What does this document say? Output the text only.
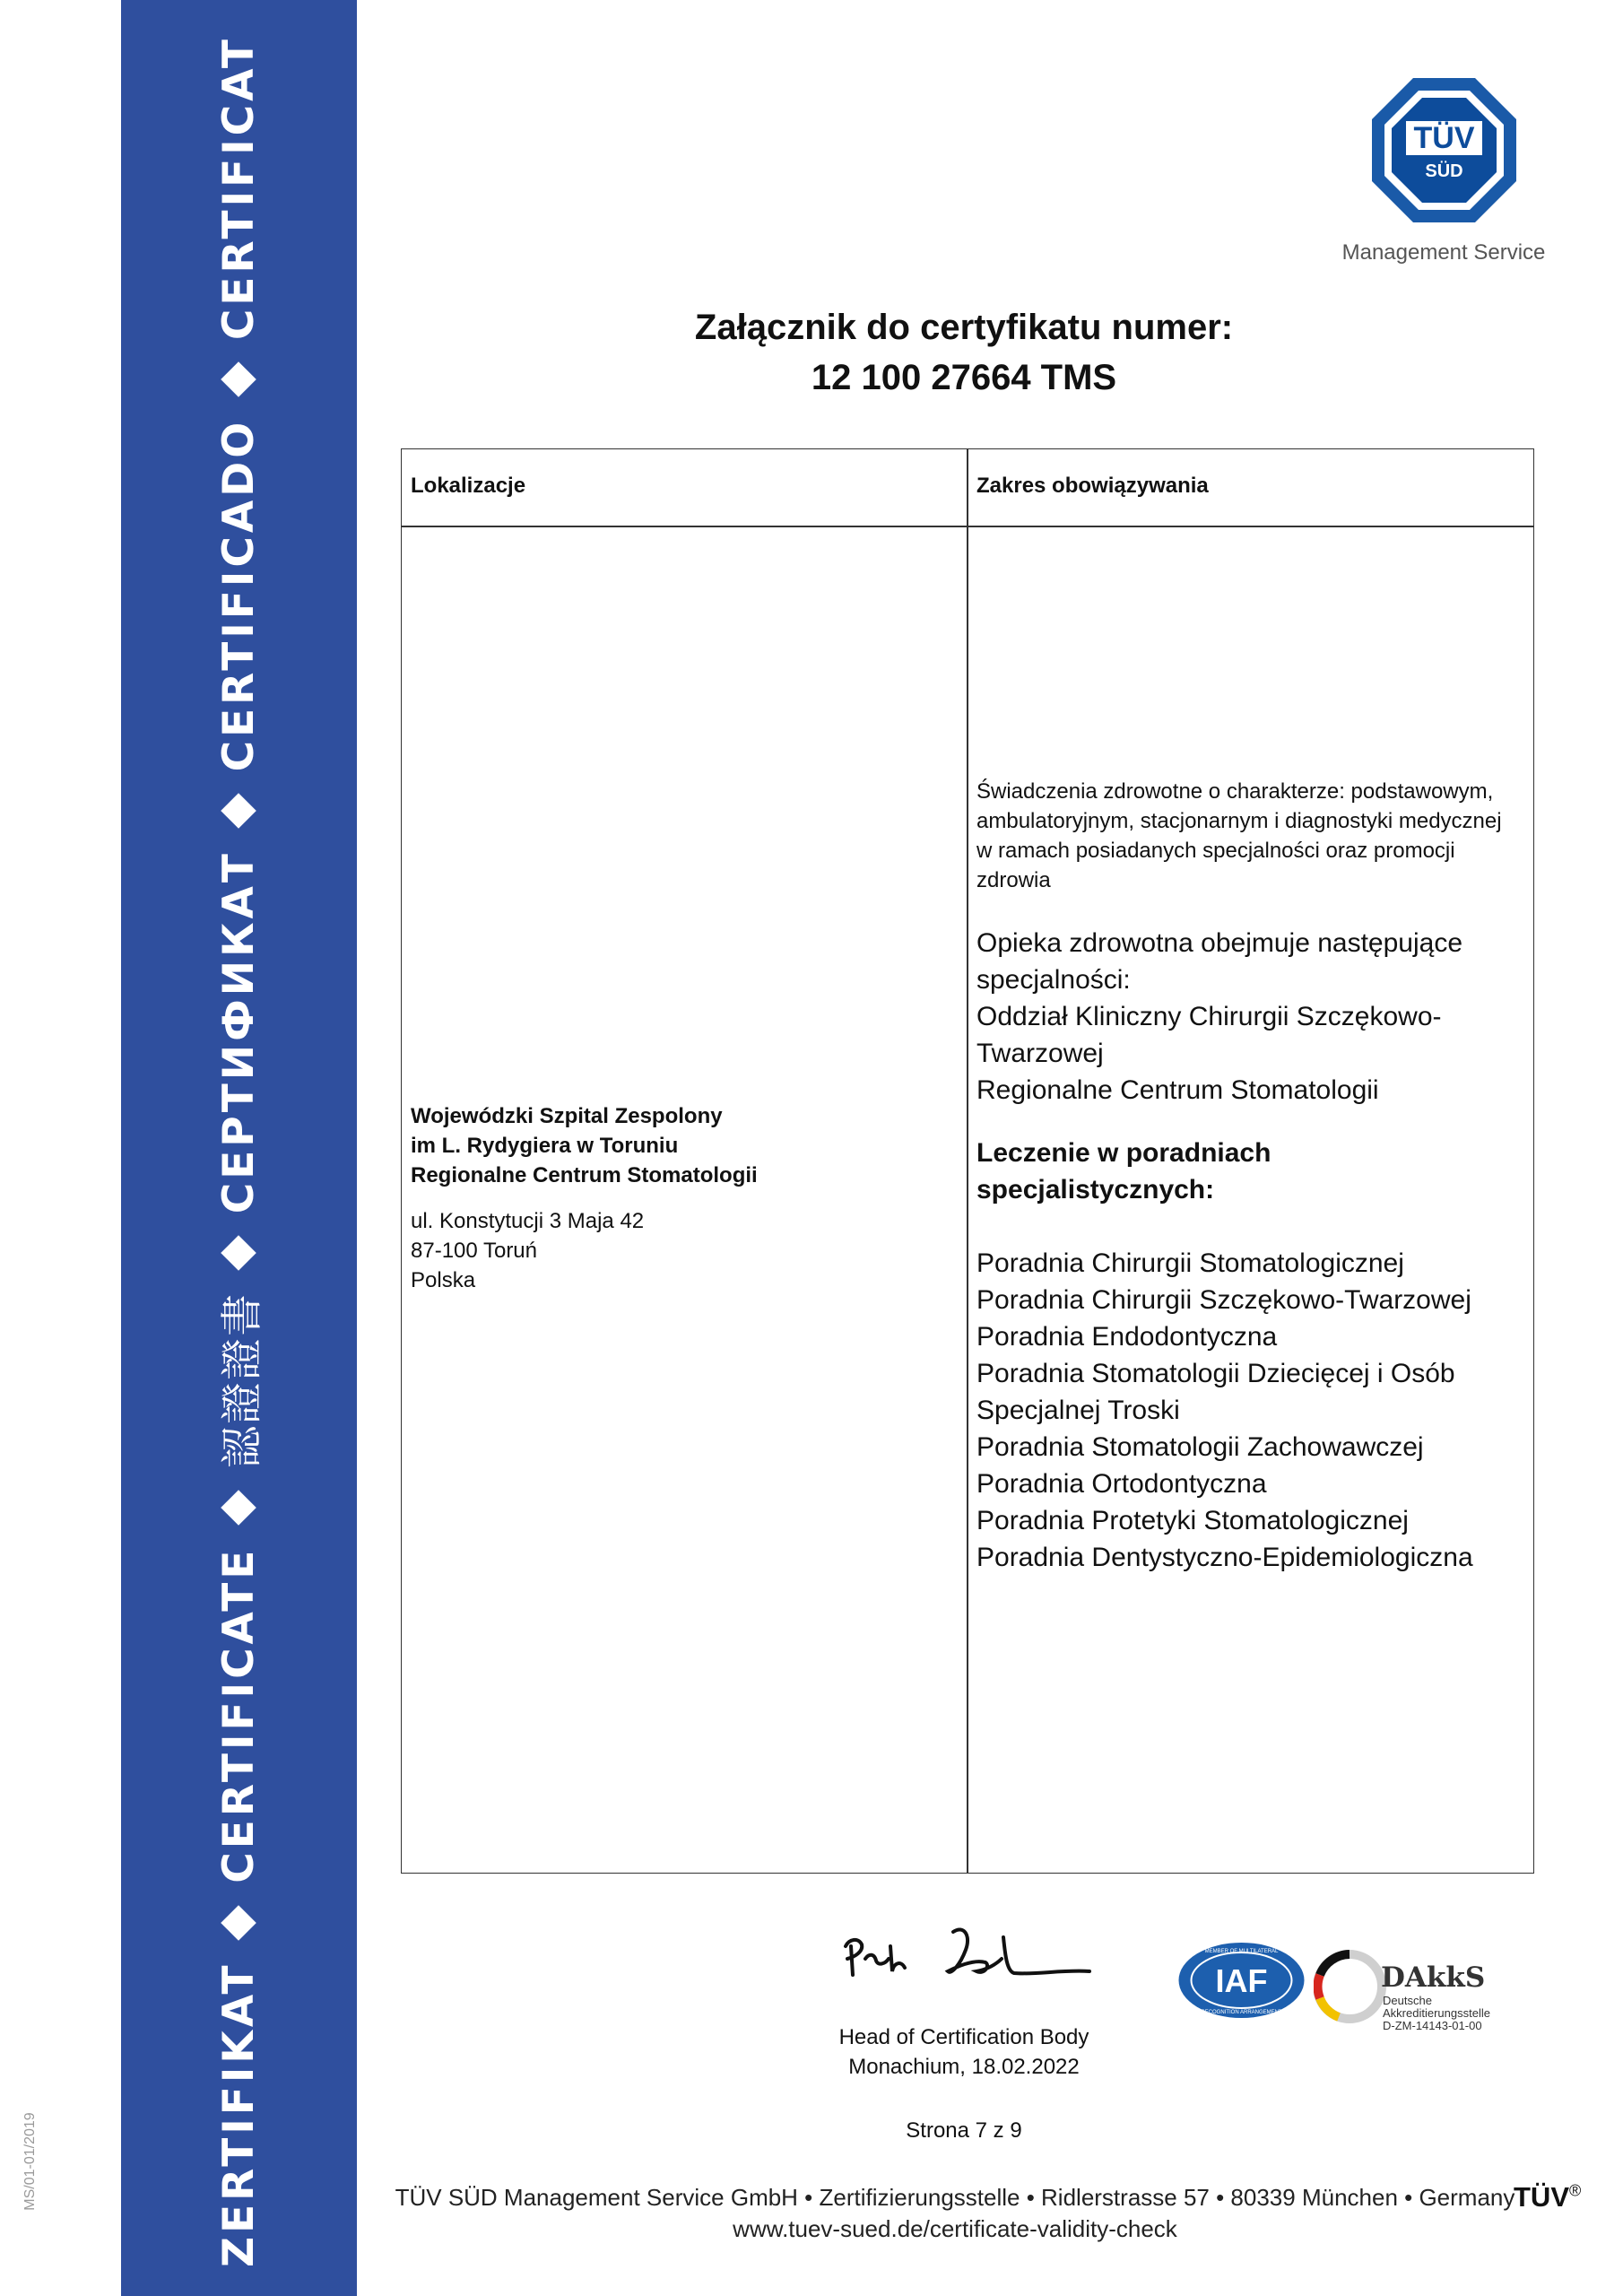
ZERTIFIKAT
CERTIFICATE
認證證書
СЕРТИФИКАТ
CERTIFICADO
CERTIFICAT
MS/01-01/2019
TÜV
SÜD
Management Service
Załącznik do certyfikatu numer:
12 100 27664 TMS
Lokalizacje	Zakres obowiązywania
Wojewódzki Szpital Zespolony
im L. Rydygiera w Toruniu
Regionalne Centrum Stomatologii
ul. Konstytucji 3 Maja 42
87-100 Toruń
Polska
Świadczenia zdrowotne o charakterze: podstawowym,
ambulatoryjnym, stacjonarnym i diagnostyki medycznej
w ramach posiadanych specjalności oraz promocji
zdrowia
Opieka zdrowotna obejmuje następujące
specjalności:
Oddział Kliniczny Chirurgii Szczękowo-
Twarzowej
Regionalne Centrum Stomatologii
Leczenie w poradniach
specjalistycznych:
Poradnia Chirurgii Stomatologicznej
Poradnia Chirurgii Szczękowo-Twarzowej
Poradnia Endodontyczna
Poradnia Stomatologii Dziecięcej i Osób
Specjalnej Troski
Poradnia Stomatologii Zachowawczej
Poradnia Ortodontyczna
Poradnia Protetyki Stomatologicznej
Poradnia Dentystyczno-Epidemiologiczna
Head of Certification Body
Monachium, 18.02.2022
Strona 7 z 9
IAF
MEMBER OF MULTILATERAL
RECOGNITION ARRANGEMENT
DAkkS
Deutsche
Akkreditierungsstelle
D-ZM-14143-01-00
TÜV SÜD Management Service GmbH • Zertifizierungsstelle • Ridlerstrasse 57 • 80339 München • Germany
www.tuev-sued.de/certificate-validity-check
TÜV®
